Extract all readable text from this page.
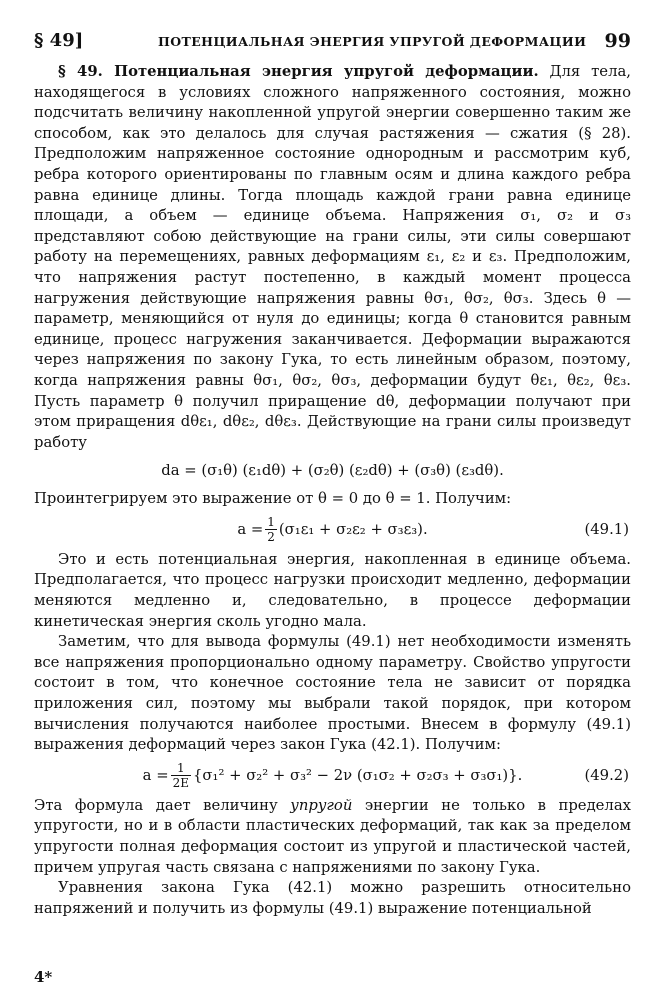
§ 49]	ПОТЕНЦИАЛЬНАЯ ЭНЕРГИЯ УПРУГОЙ ДЕФОРМАЦИИ 99

§ 49. Потенциальная энергия упругой деформации. Для тела, находящегося в условиях сложного напряженного состояния, можно подсчитать величину накопленной упругой энергии совершенно таким же способом, как это делалось для случая растяжения — сжатия (§ 28). Предположим напряженное состояние однородным и рассмотрим куб, ребра которого ориентированы по главным осям и длина каждого ребра равна единице длины. Тогда площадь каждой грани равна единице площади, а объем — единице объема. Напряжения σ₁, σ₂ и σ₃ представляют собою действующие на грани силы, эти силы совершают работу на перемещениях, равных деформациям ε₁, ε₂ и ε₃. Предположим, что напряжения растут постепенно, в каждый момент процесса нагружения действующие напряжения равны θσ₁, θσ₂, θσ₃. Здесь θ — параметр, меняющийся от нуля до единицы; когда θ становится равным единице, процесс нагружения заканчивается. Деформации выражаются через напряжения по закону Гука, то есть линейным образом, поэтому, когда напряжения равны θσ₁, θσ₂, θσ₃, деформации будут θε₁, θε₂, θε₃. Пусть параметр θ получил приращение dθ, деформации получают при этом приращения dθε₁, dθε₂, dθε₃. Действующие на грани силы произведут работу

da = (σ₁θ) (ε₁dθ) + (σ₂θ) (ε₂dθ) + (σ₃θ) (ε₃dθ).

Проинтегрируем это выражение от θ = 0 до θ = 1. Получим:

$a = \frac{1}{2} (\sigma_1\varepsilon_1 + \sigma_2\varepsilon_2 + \sigma_3\varepsilon_3)$.	(49.1)

Это и есть потенциальная энергия, накопленная в единице объема. Предполагается, что процесс нагрузки происходит медленно, деформации меняются медленно и, следовательно, в процессе деформации кинетическая энергия сколь угодно мала.

Заметим, что для вывода формулы (49.1) нет необходимости изменять все напряжения пропорционально одному параметру. Свойство упругости состоит в том, что конечное состояние тела не зависит от порядка приложения сил, поэтому мы выбрали такой порядок, при котором вычисления получаются наиболее простыми. Внесем в формулу (49.1) выражения деформаций через закон Гука (42.1). Получим:

$a = \frac{1}{2E} \{\sigma_1^2 + \sigma_2^2 + \sigma_3^2 - 2\nu$ (σ₁σ₂ + σ₂σ₃ + σ₃σ₁)}.	(49.2)

Эта формула дает величину упругой энергии не только в пределах упругости, но и в области пластических деформаций, так как за пределом упругости полная деформация состоит из упругой и пластической частей, причем упругая часть связана с напряжениями по закону Гука.

Уравнения закона Гука (42.1) можно разрешить относительно напряжений и получить из формулы (49.1) выражение потенциальной

4*
